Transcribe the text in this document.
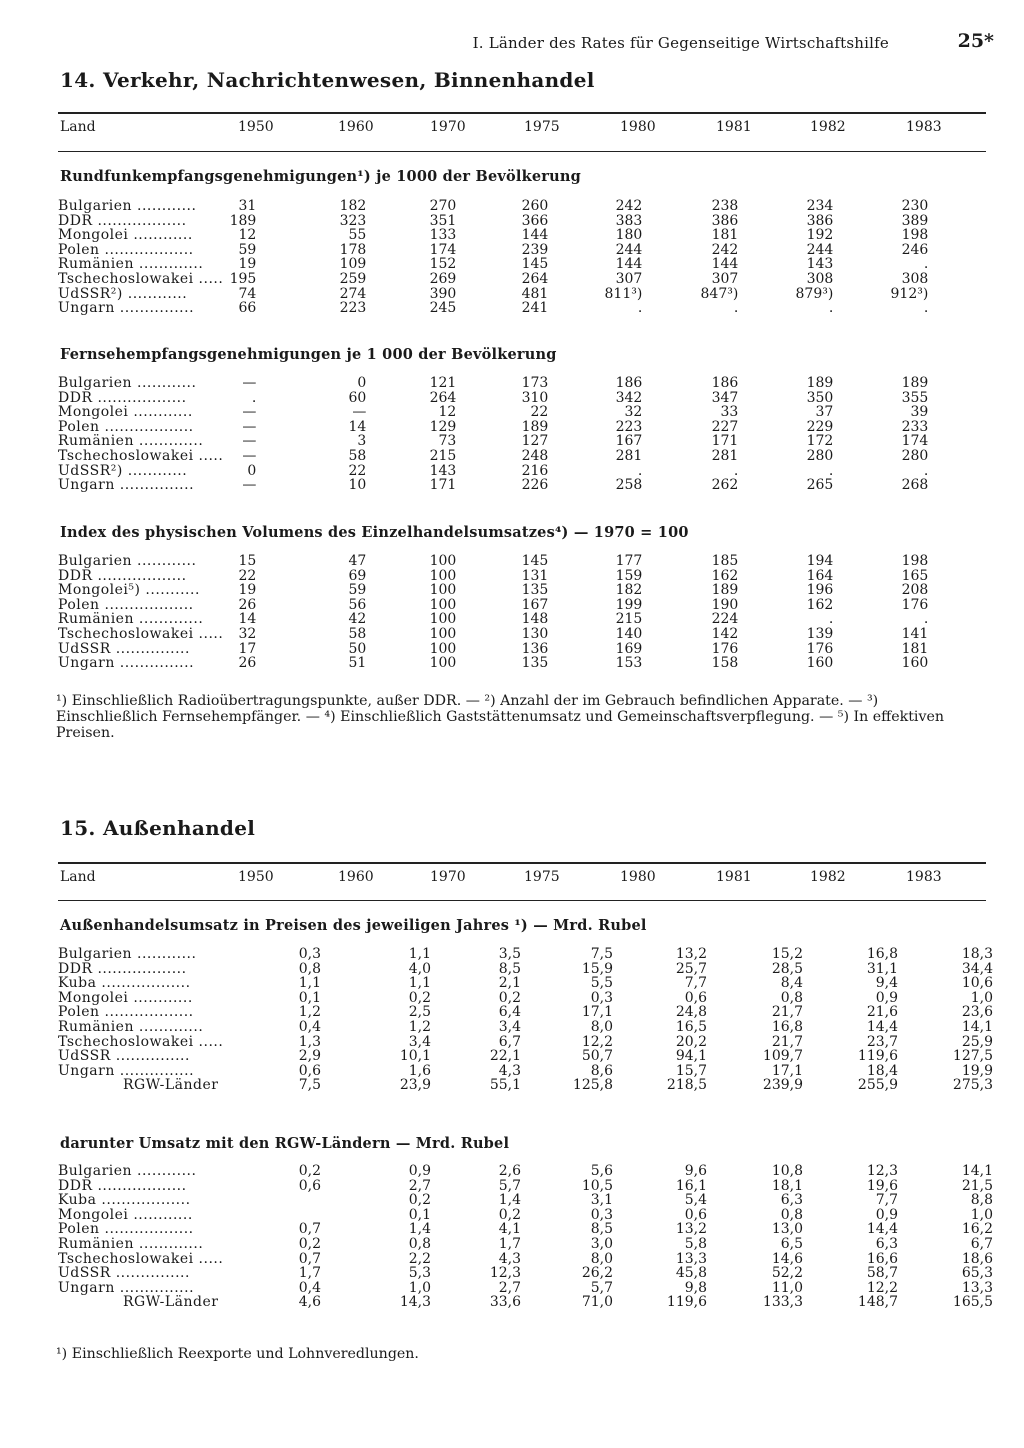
I. Länder des Rates für Gegenseitige Wirtschaftshilfe	25*
14. Verkehr, Nachrichtenwesen, Binnenhandel
Land	1950	1960	1970	1975	1980	1981	1982	1983
Rundfunkempfangsgenehmigungen¹) je 1000 der Bevölkerung
Bulgarien ............	31	182	270	260	242	238	234	230
DDR ..................	189	323	351	366	383	386	386	389
Mongolei ............	12	55	133	144	180	181	192	198
Polen ..................	59	178	174	239	244	242	244	246
Rumänien .............	19	109	152	145	144	144	143	.
Tschechoslowakei .....	195	259	269	264	307	307	308	308
UdSSR²) ............	74	274	390	481	811³)	847³)	879³)	912³)
Ungarn ...............	66	223	245	241	.	.	.	.
Fernsehempfangsgenehmigungen je 1 000 der Bevölkerung
Bulgarien ............	—	0	121	173	186	186	189	189
DDR ..................	.	60	264	310	342	347	350	355
Mongolei ............	—	—	12	22	32	33	37	39
Polen ..................	—	14	129	189	223	227	229	233
Rumänien .............	—	3	73	127	167	171	172	174
Tschechoslowakei .....	—	58	215	248	281	281	280	280
UdSSR²) ............	0	22	143	216	.	.	.	.
Ungarn ...............	—	10	171	226	258	262	265	268
Index des physischen Volumens des Einzelhandelsumsatzes⁴) — 1970 = 100
Bulgarien ............	15	47	100	145	177	185	194	198
DDR ..................	22	69	100	131	159	162	164	165
Mongolei⁵) ...........	19	59	100	135	182	189	196	208
Polen ..................	26	56	100	167	199	190	162	176
Rumänien .............	14	42	100	148	215	224	.	.
Tschechoslowakei .....	32	58	100	130	140	142	139	141
UdSSR ...............	17	50	100	136	169	176	176	181
Ungarn ...............	26	51	100	135	153	158	160	160
¹) Einschließlich Radioübertragungspunkte, außer DDR. — ²) Anzahl der im Gebrauch befindlichen Apparate. — ³) Einschließlich Fernsehempfänger. — ⁴) Einschließlich Gaststättenumsatz und Gemeinschaftsverpflegung. — ⁵) In effektiven Preisen.
15. Außenhandel
Land	1950	1960	1970	1975	1980	1981	1982	1983
Außenhandelsumsatz in Preisen des jeweiligen Jahres ¹) — Mrd. Rubel
Bulgarien ............	0,3	1,1	3,5	7,5	13,2	15,2	16,8	18,3
DDR ..................	0,8	4,0	8,5	15,9	25,7	28,5	31,1	34,4
Kuba ..................	1,1	1,1	2,1	5,5	7,7	8,4	9,4	10,6
Mongolei ............	0,1	0,2	0,2	0,3	0,6	0,8	0,9	1,0
Polen ..................	1,2	2,5	6,4	17,1	24,8	21,7	21,6	23,6
Rumänien .............	0,4	1,2	3,4	8,0	16,5	16,8	14,4	14,1
Tschechoslowakei .....	1,3	3,4	6,7	12,2	20,2	21,7	23,7	25,9
UdSSR ...............	2,9	10,1	22,1	50,7	94,1	109,7	119,6	127,5
Ungarn ...............	0,6	1,6	4,3	8,6	15,7	17,1	18,4	19,9
RGW-Länder	7,5	23,9	55,1	125,8	218,5	239,9	255,9	275,3
darunter Umsatz mit den RGW-Ländern — Mrd. Rubel
Bulgarien ............	0,2	0,9	2,6	5,6	9,6	10,8	12,3	14,1
DDR ..................	0,6	2,7	5,7	10,5	16,1	18,1	19,6	21,5
Kuba ..................		0,2	1,4	3,1	5,4	6,3	7,7	8,8
Mongolei ............		0,1	0,2	0,3	0,6	0,8	0,9	1,0
Polen ..................	0,7	1,4	4,1	8,5	13,2	13,0	14,4	16,2
Rumänien .............	0,2	0,8	1,7	3,0	5,8	6,5	6,3	6,7
Tschechoslowakei .....	0,7	2,2	4,3	8,0	13,3	14,6	16,6	18,6
UdSSR ...............	1,7	5,3	12,3	26,2	45,8	52,2	58,7	65,3
Ungarn ...............	0,4	1,0	2,7	5,7	9,8	11,0	12,2	13,3
RGW-Länder	4,6	14,3	33,6	71,0	119,6	133,3	148,7	165,5
¹) Einschließlich Reexporte und Lohnveredlungen.
